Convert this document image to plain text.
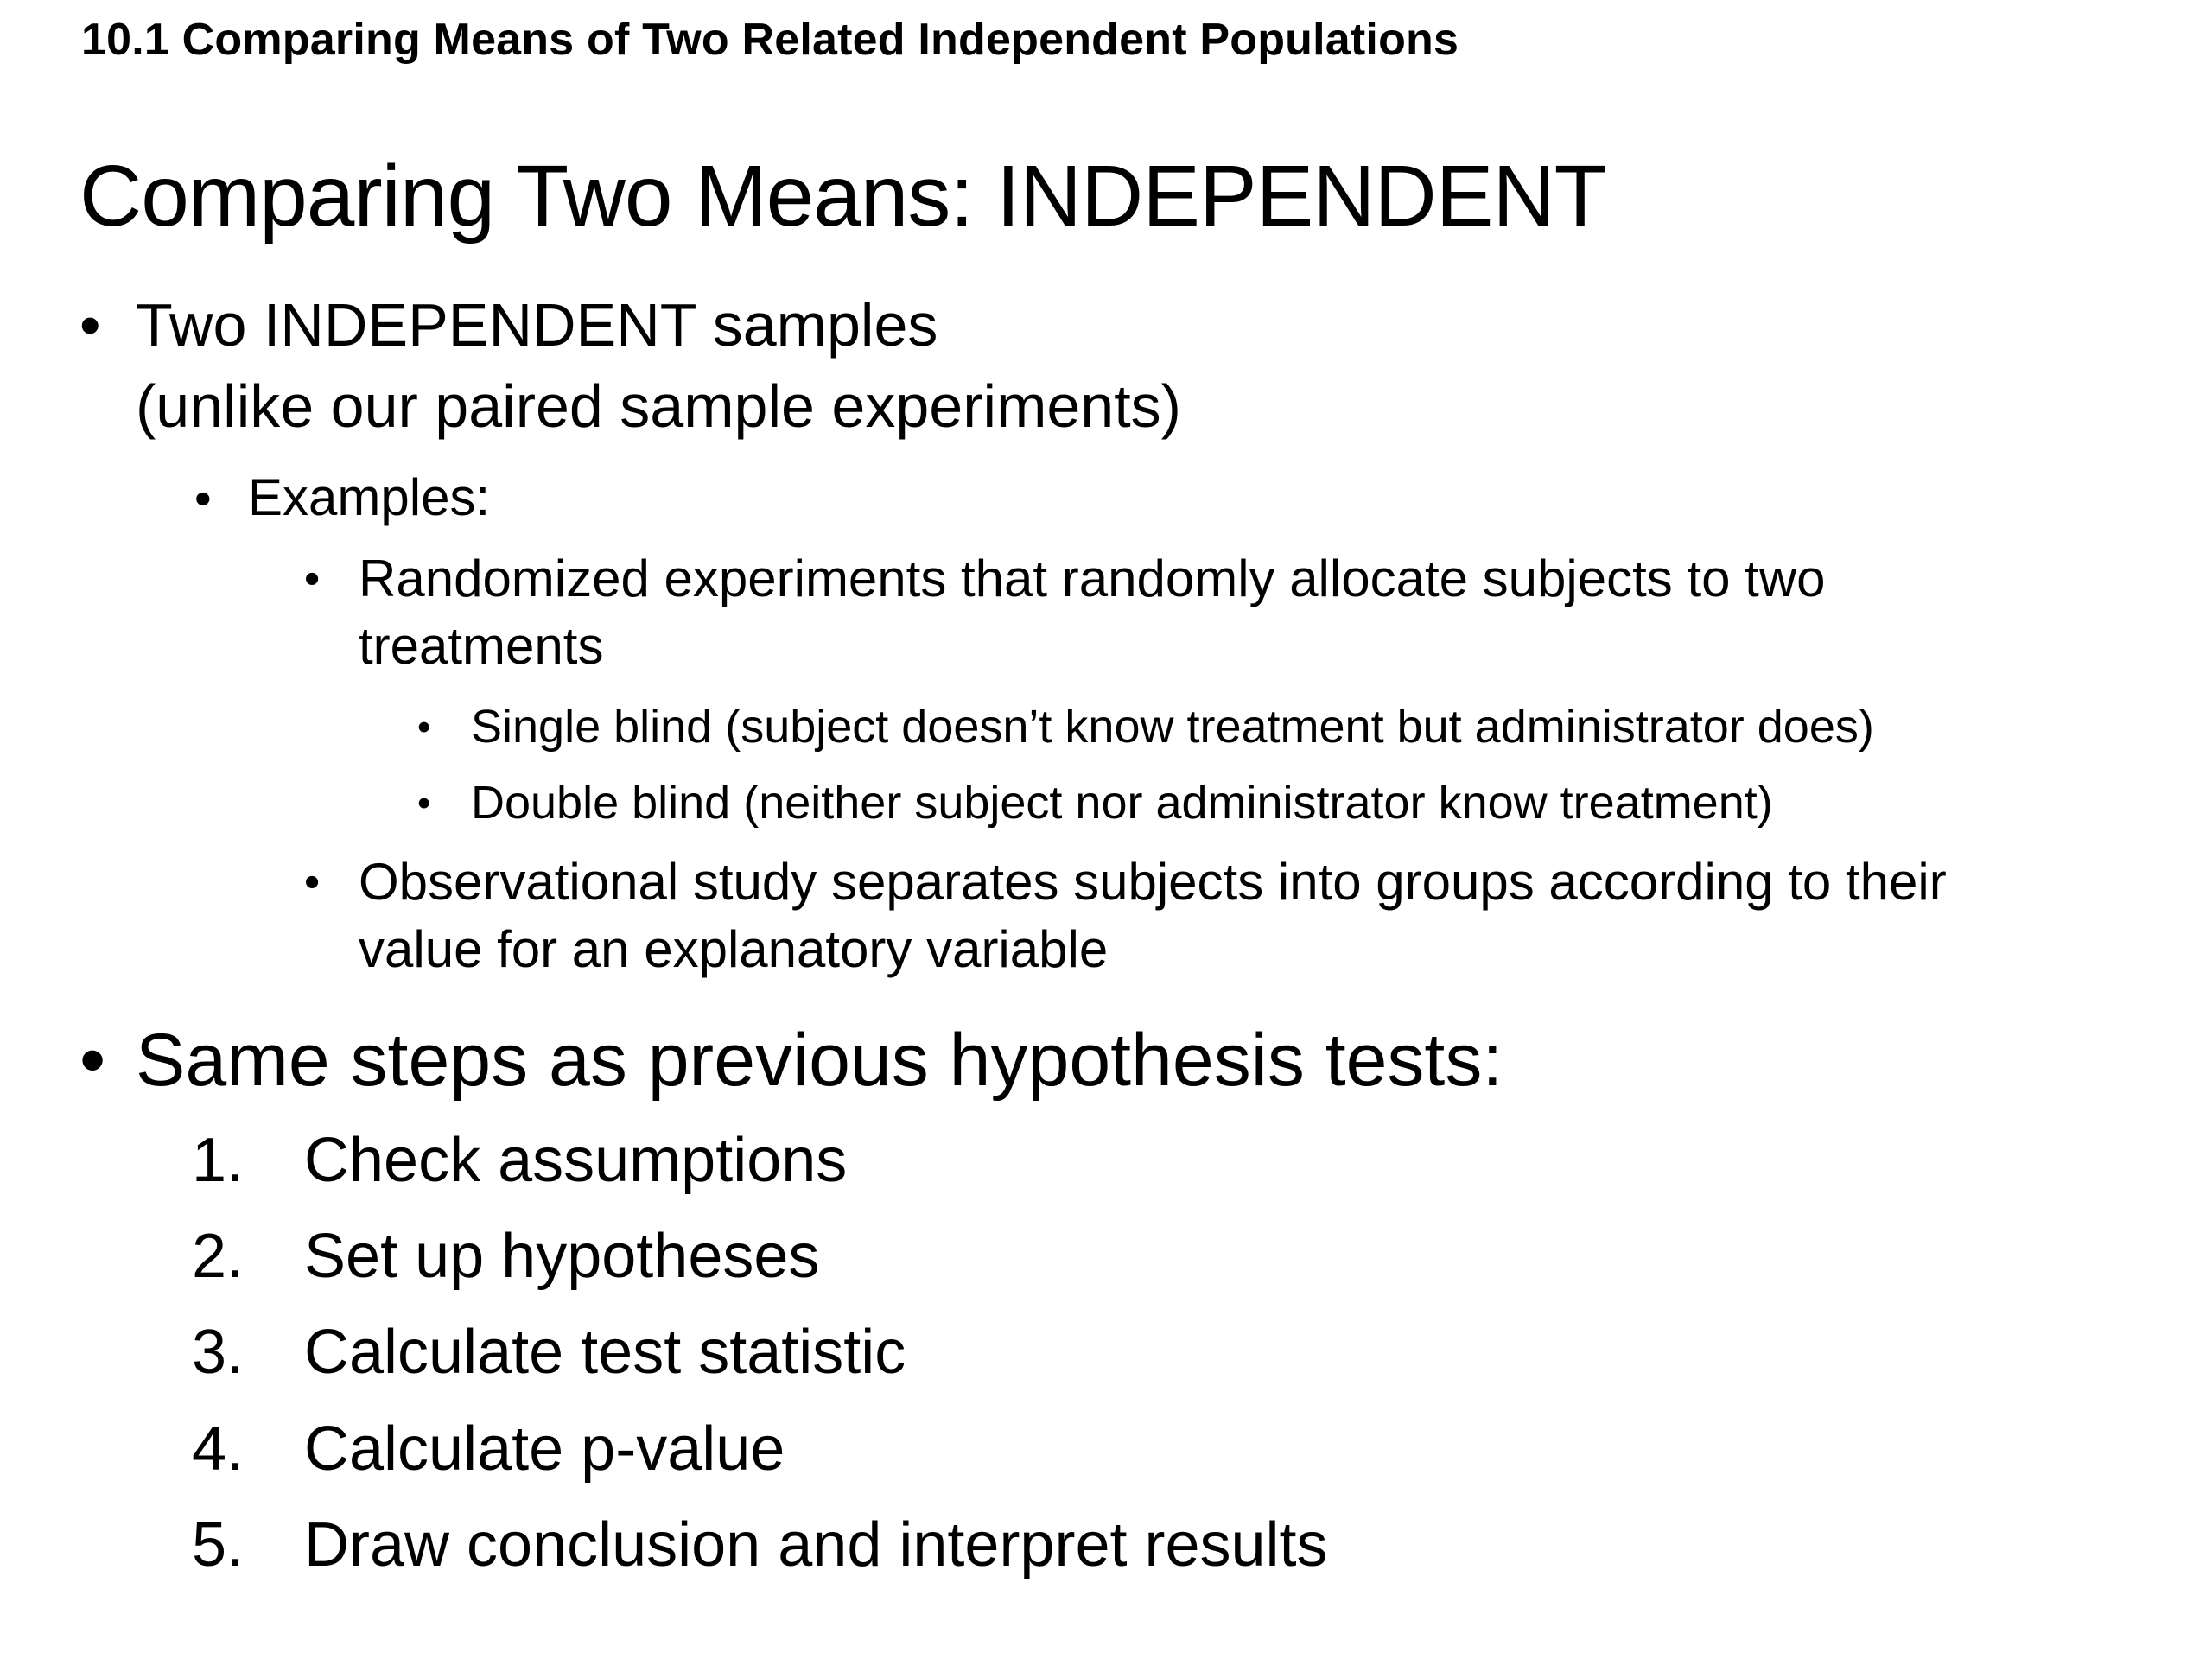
10.1 Comparing Means of Two Related Independent Populations
Comparing Two Means: INDEPENDENT
• Two INDEPENDENT samples
(unlike our paired sample experiments)
• Examples:
• Randomized experiments that randomly allocate subjects to two
treatments
• Single blind (subject doesn’t know treatment but administrator does)
• Double blind (neither subject nor administrator know treatment)
• Observational study separates subjects into groups according to their
value for an explanatory variable
• Same steps as previous hypothesis tests:
1. Check assumptions
2. Set up hypotheses
3. Calculate test statistic
4. Calculate p-value
5. Draw conclusion and interpret results
